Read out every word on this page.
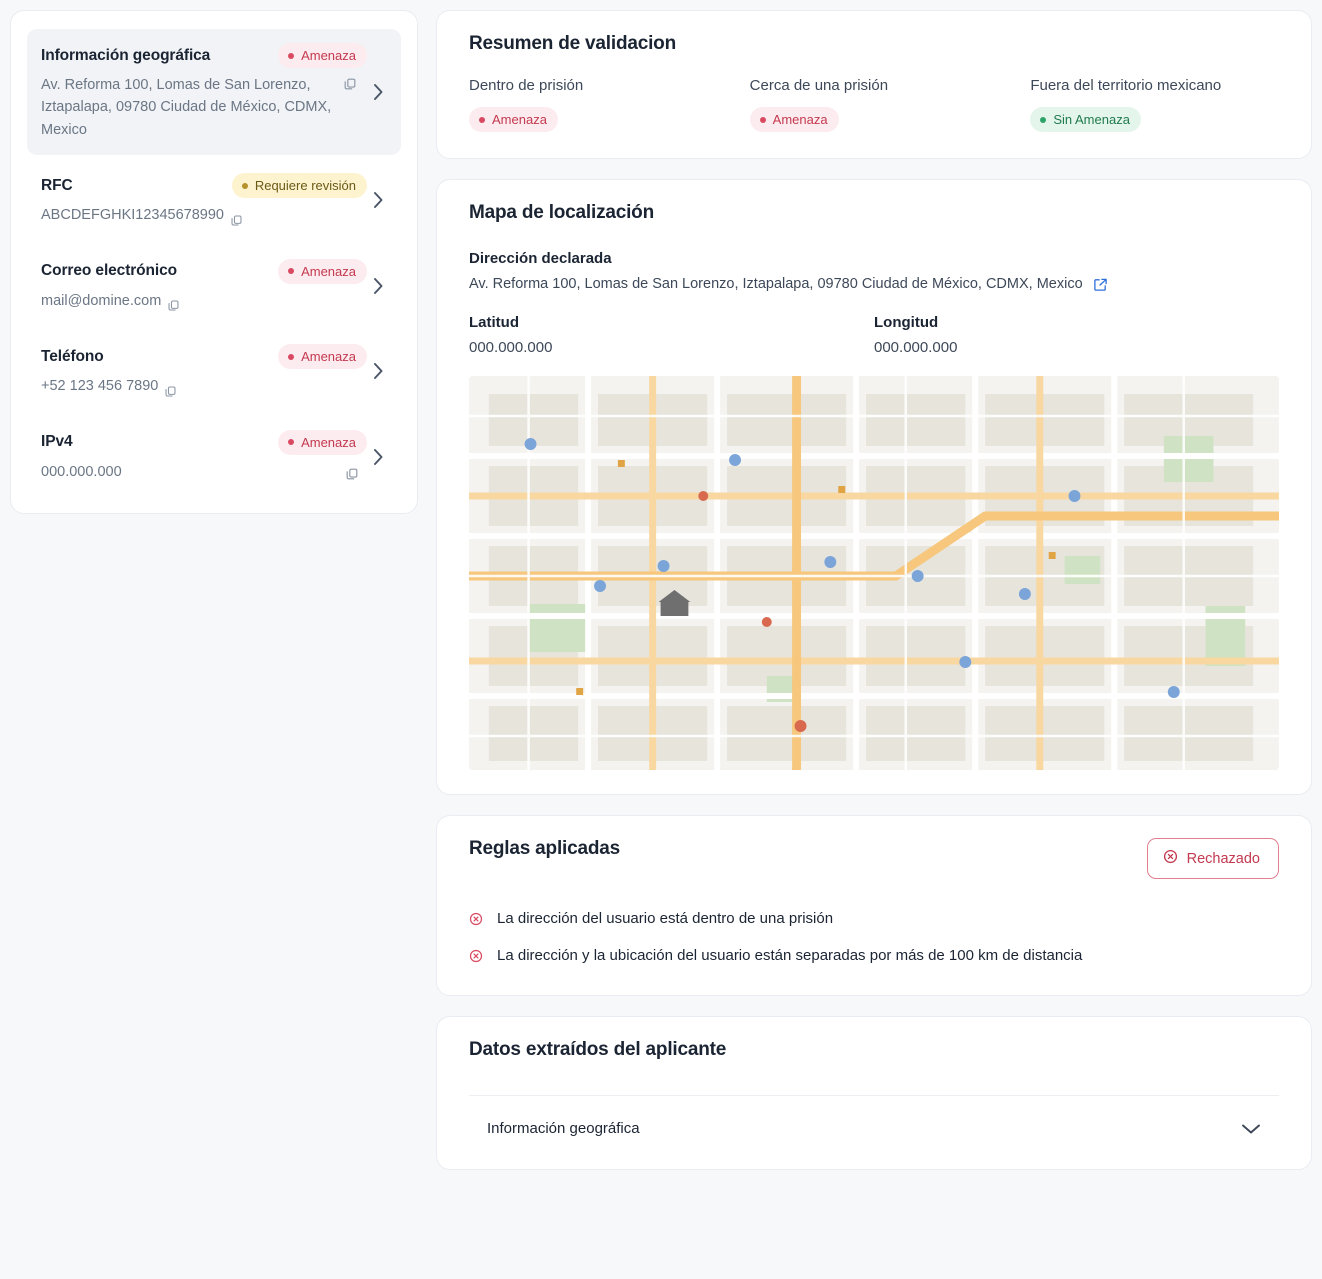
Información geográfica	Amenaza
Av. Reforma 100, Lomas de San Lorenzo, Iztapalapa, 09780 Ciudad de México, CDMX, Mexico
RFC	Requiere revisión
ABCDEFGHKI12345678990
Correo electrónico	Amenaza
mail@domine.com
Teléfono	Amenaza
+52 123 456 7890
IPv4	Amenaza
000.000.000
Resumen de validacion
Dentro de prisión
Amenaza
Cerca de una prisión
Amenaza
Fuera del territorio mexicano
Sin Amenaza
Mapa de localización
Dirección declarada
Av. Reforma 100, Lomas de San Lorenzo, Iztapalapa, 09780 Ciudad de México, CDMX, Mexico
Latitud
000.000.000
Longitud
000.000.000
Reglas aplicadas	Rechazado
La dirección del usuario está dentro de una prisión
La dirección y la ubicación del usuario están separadas por más de 100 km de distancia
Datos extraídos del aplicante
Información geográfica
